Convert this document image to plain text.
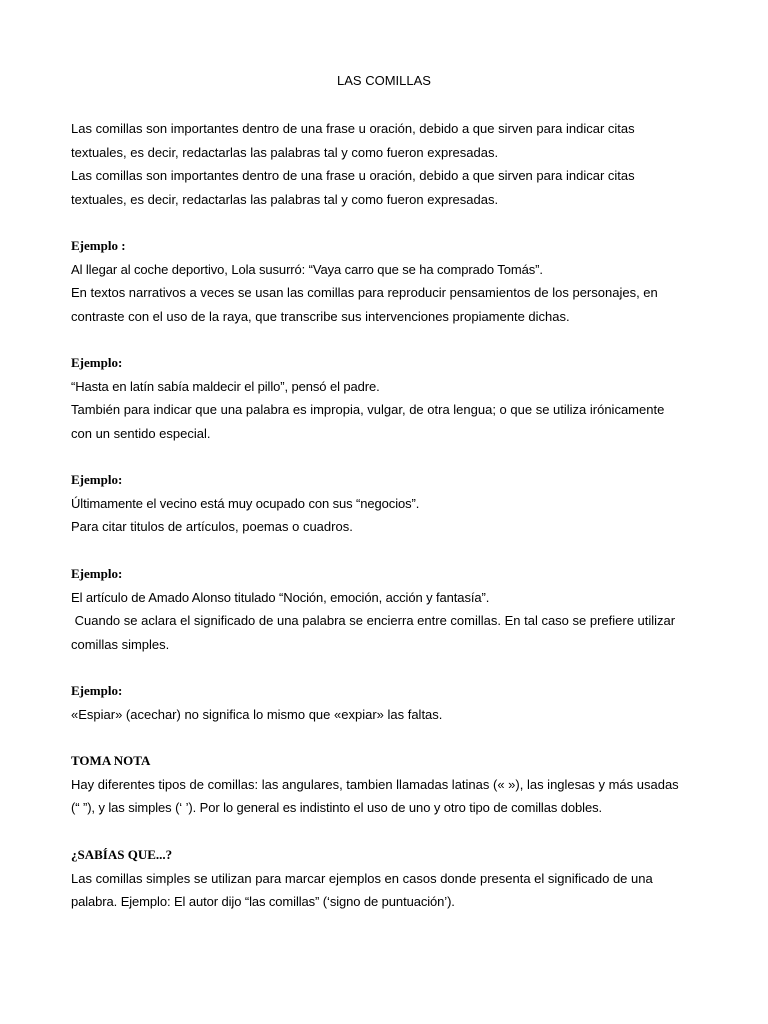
LAS COMILLAS
Las comillas son importantes dentro de una frase u oración, debido a que sirven para indicar citas
textuales, es decir, redactarlas las palabras tal y como fueron expresadas.
Las comillas son importantes dentro de una frase u oración, debido a que sirven para indicar citas
textuales, es decir, redactarlas las palabras tal y como fueron expresadas.
Ejemplo :
Al llegar al coche deportivo, Lola susurró: “Vaya carro que se ha comprado Tomás”.
En textos narrativos a veces se usan las comillas para reproducir pensamientos de los personajes, en
contraste con el uso de la raya, que transcribe sus intervenciones propiamente dichas.
Ejemplo:
“Hasta en latín sabía maldecir el pillo”, pensó el padre.
También para indicar que una palabra es impropia, vulgar, de otra lengua; o que se utiliza irónicamente
con un sentido especial.
Ejemplo:
Últimamente el vecino está muy ocupado con sus “negocios”.
Para citar titulos de artículos, poemas o cuadros.
Ejemplo:
El artículo de Amado Alonso titulado “Noción, emoción, acción y fantasía”.
Cuando se aclara el significado de una palabra se encierra entre comillas. En tal caso se prefiere utilizar
comillas simples.
Ejemplo:
«Espiar» (acechar) no significa lo mismo que «expiar» las faltas.
TOMA NOTA
Hay diferentes tipos de comillas: las angulares, tambien llamadas latinas (« »), las inglesas y más usadas
(“ ”), y las simples (‘ ’). Por lo general es indistinto el uso de uno y otro tipo de comillas dobles.
¿SABÍAS QUE...?
Las comillas simples se utilizan para marcar ejemplos en casos donde presenta el significado de una
palabra. Ejemplo: El autor dijo “las comillas” (‘signo de puntuación’).
